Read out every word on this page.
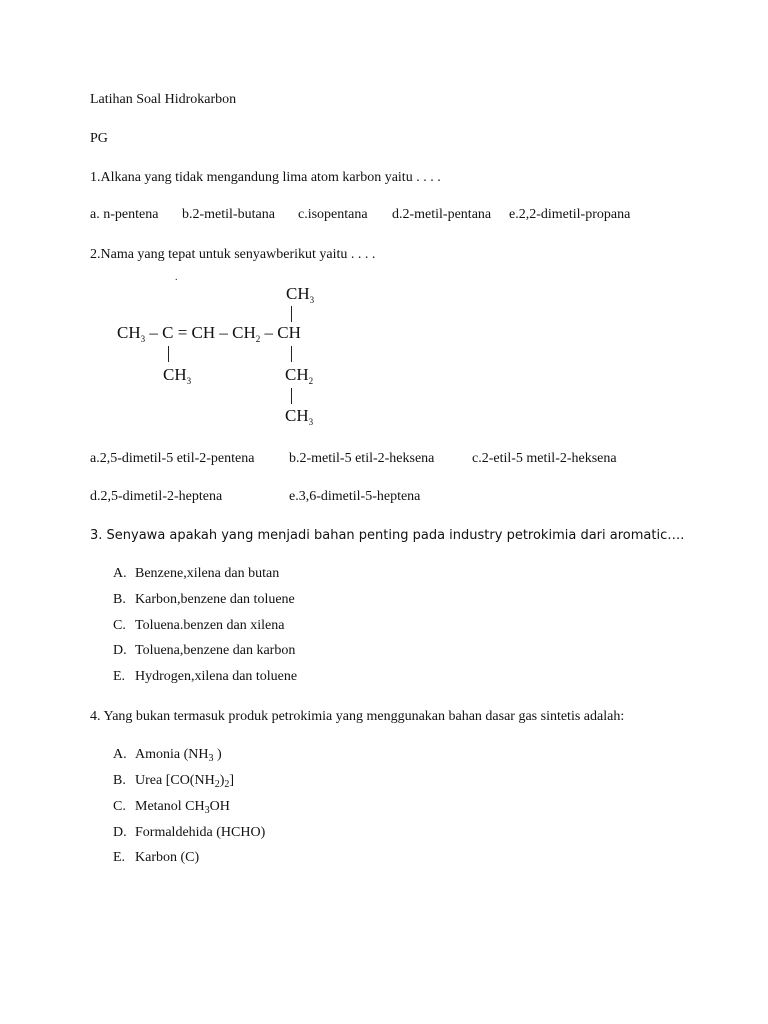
Latihan Soal Hidrokarbon
PG
1.Alkana yang tidak mengandung lima atom karbon yaitu . . . .
a. n-pentena b.2-metil-butana c.isopentana d.2-metil-pentana e.2,2-dimetil-propana
2.Nama yang tepat untuk senyawberikut yaitu . . . .
.
$CH_3$
$CH_3$ – C = CH – $CH_2$ – CH
$CH_3$	$CH_2$
$CH_3$
a.2,5-dimetil-5 etil-2-pentena b.2-metil-5 etil-2-heksena	c.2-etil-5 metil-2-heksena
d.2,5-dimetil-2-heptena	e.3,6-dimetil-5-heptena
3. Senyawa apakah yang menjadi bahan penting pada industry petrokimia dari aromatic….
A. Benzene,xilena dan butan
B. Karbon,benzene dan toluene
C. Toluena.benzen dan xilena
D. Toluena,benzene dan karbon
E. Hydrogen,xilena dan toluene
4. Yang bukan termasuk produk petrokimia yang menggunakan bahan dasar gas sintetis adalah:
A. Amonia ($NH_3$ )
B. Urea $[CO(NH_2)_2]$
C. Metanol $CH_3OH$
D. Formaldehida (HCHO)
E. Karbon (C)
